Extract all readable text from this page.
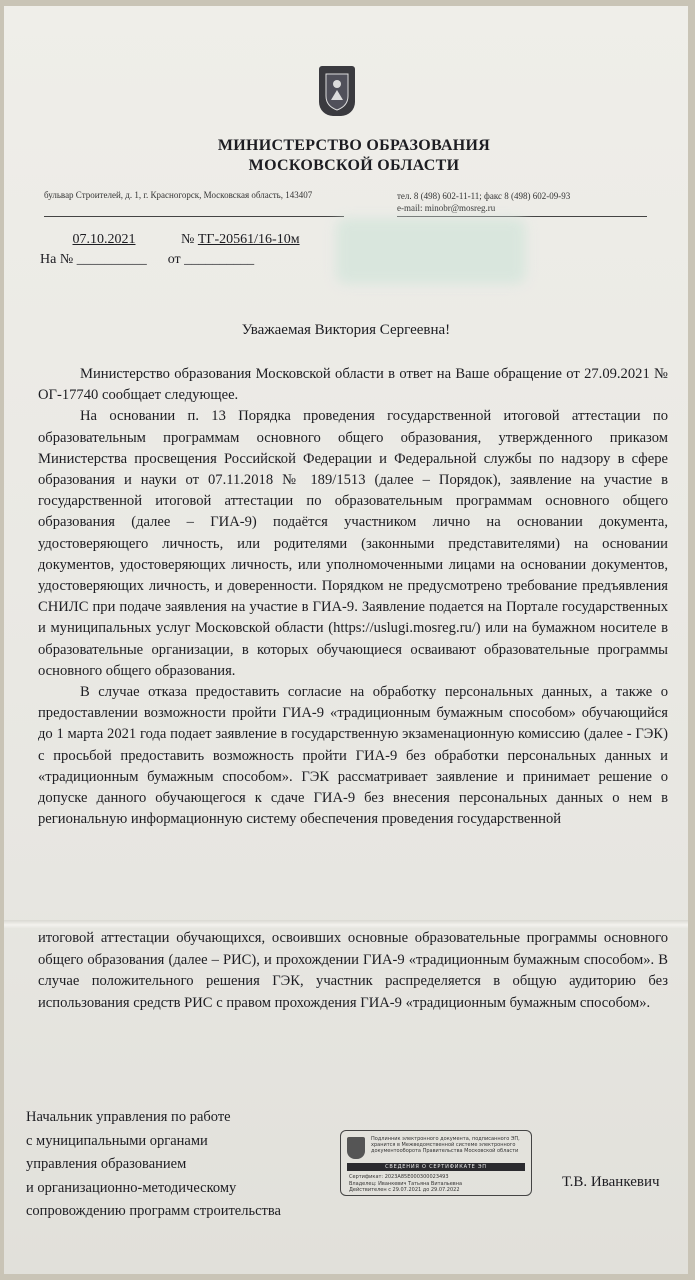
МИНИСТЕРСТВО ОБРАЗОВАНИЯ
МОСКОВСКОЙ ОБЛАСТИ
бульвар Строителей, д. 1, г. Красногорск, Московская область, 143407	тел. 8 (498) 602-11-11; факс 8 (498) 602-09-93
e-mail: minobr@mosreg.ru
07.10.2021	№ ТГ-20561/16-10м
На № __________ от __________
Уважаемая Виктория Сергеевна!

Министерство образования Московской области в ответ на Ваше обращение от 27.09.2021 № ОГ-17740 сообщает следующее.

На основании п. 13 Порядка проведения государственной итоговой аттестации по образовательным программам основного общего образования, утвержденного приказом Министерства просвещения Российской Федерации и Федеральной службы по надзору в сфере образования и науки от 07.11.2018 № 189/1513 (далее – Порядок), заявление на участие в государственной итоговой аттестации по образовательным программам основного общего образования (далее – ГИА-9) подаётся участником лично на основании документа, удостоверяющего личность, или родителями (законными представителями) на основании документов, удостоверяющих личность, или уполномоченными лицами на основании документов, удостоверяющих личность, и доверенности. Порядком не предусмотрено требование предъявления СНИЛС при подаче заявления на участие в ГИА-9. Заявление подается на Портале государственных и муниципальных услуг Московской области (https://uslugi.mosreg.ru/) или на бумажном носителе в образовательные организации, в которых обучающиеся осваивают образовательные программы основного общего образования.

В случае отказа предоставить согласие на обработку персональных данных, а также о предоставлении возможности пройти ГИА-9 «традиционным бумажным способом» обучающийся до 1 марта 2021 года подает заявление в государственную экзаменационную комиссию (далее - ГЭК) с просьбой предоставить возможность пройти ГИА-9 без обработки персональных данных и «традиционным бумажным способом». ГЭК рассматривает заявление и принимает решение о допуске данного обучающегося к сдаче ГИА-9 без внесения персональных данных о нем в региональную информационную систему обеспечения проведения государственной

итоговой аттестации обучающихся, освоивших основные образовательные программы основного общего образования (далее – РИС), и прохождении ГИА-9 «традиционным бумажным способом». В случае положительного решения ГЭК, участник распределяется в общую аудиторию без использования средств РИС с правом прохождения ГИА-9 «традиционным бумажным способом».

Начальник управления по работе
с муниципальными органами
управления образованием
и организационно-методическому
сопровождению программ строительства
Подлинник электронного документа, подписанного ЭП, хранится в Межведомственной системе электронного документооборота Правительства Московской области
СВЕДЕНИЯ О СЕРТИФИКАТЕ ЭП
Сертификат: 2023A85E000300023493
Владелец: Иванкевич Татьяна Витальевна
Действителен с 29.07.2021 до 29.07.2022	Т.В. Иванкевич
